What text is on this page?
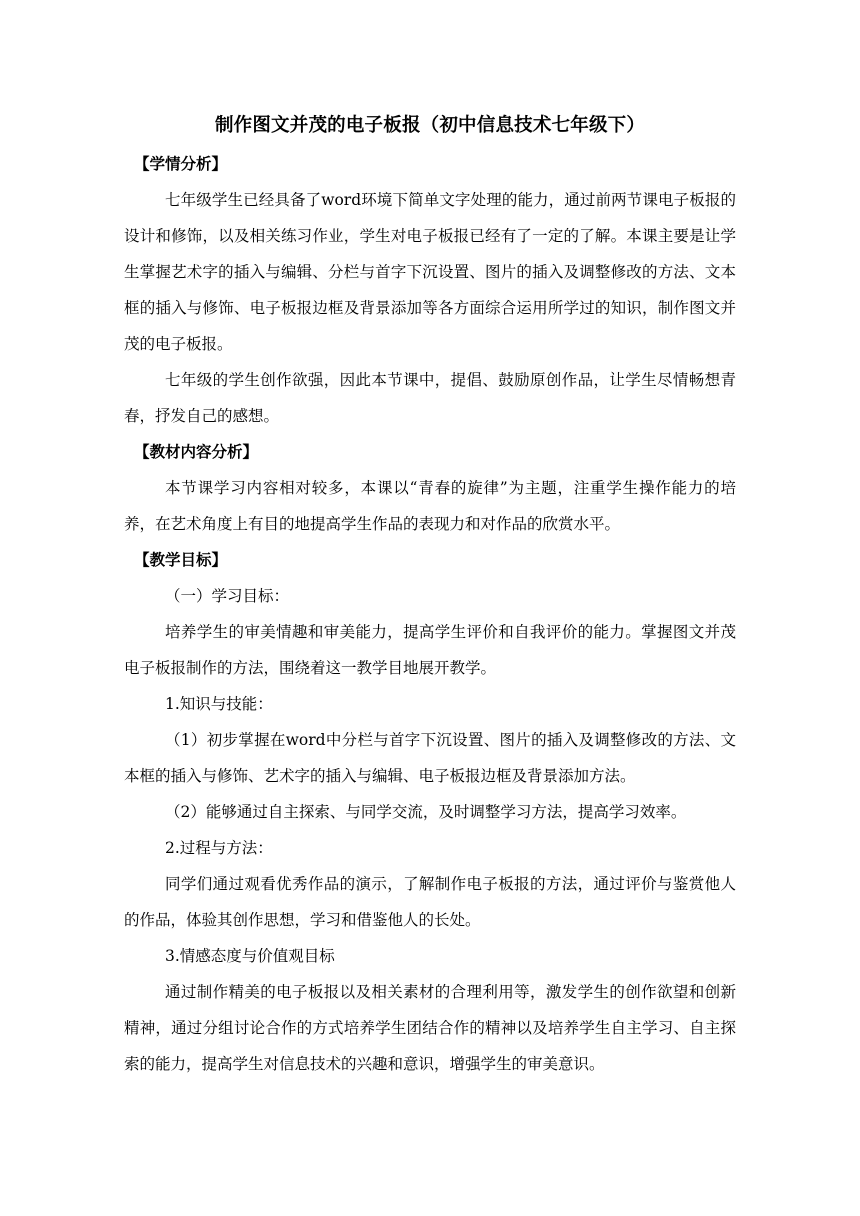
制作图文并茂的电子板报（初中信息技术七年级下）

【学情分析】

七年级学生已经具备了word环境下简单文字处理的能力，通过前两节课电子板报的设计和修饰，以及相关练习作业，学生对电子板报已经有了一定的了解。本课主要是让学生掌握艺术字的插入与编辑、分栏与首字下沉设置、图片的插入及调整修改的方法、文本框的插入与修饰、电子板报边框及背景添加等各方面综合运用所学过的知识，制作图文并茂的电子板报。

七年级的学生创作欲强，因此本节课中，提倡、鼓励原创作品，让学生尽情畅想青春，抒发自己的感想。

【教材内容分析】

本节课学习内容相对较多，本课以“青春的旋律”为主题，注重学生操作能力的培养，在艺术角度上有目的地提高学生作品的表现力和对作品的欣赏水平。

【教学目标】

（一）学习目标：

培养学生的审美情趣和审美能力，提高学生评价和自我评价的能力。掌握图文并茂电子板报制作的方法，围绕着这一教学目地展开教学。

1.知识与技能：

（1）初步掌握在word中分栏与首字下沉设置、图片的插入及调整修改的方法、文本框的插入与修饰、艺术字的插入与编辑、电子板报边框及背景添加方法。

（2）能够通过自主探索、与同学交流，及时调整学习方法，提高学习效率。

2.过程与方法：

同学们通过观看优秀作品的演示，了解制作电子板报的方法，通过评价与鉴赏他人的作品，体验其创作思想，学习和借鉴他人的长处。

3.情感态度与价值观目标

通过制作精美的电子板报以及相关素材的合理利用等，激发学生的创作欲望和创新精神，通过分组讨论合作的方式培养学生团结合作的精神以及培养学生自主学习、自主探索的能力，提高学生对信息技术的兴趣和意识，增强学生的审美意识。
